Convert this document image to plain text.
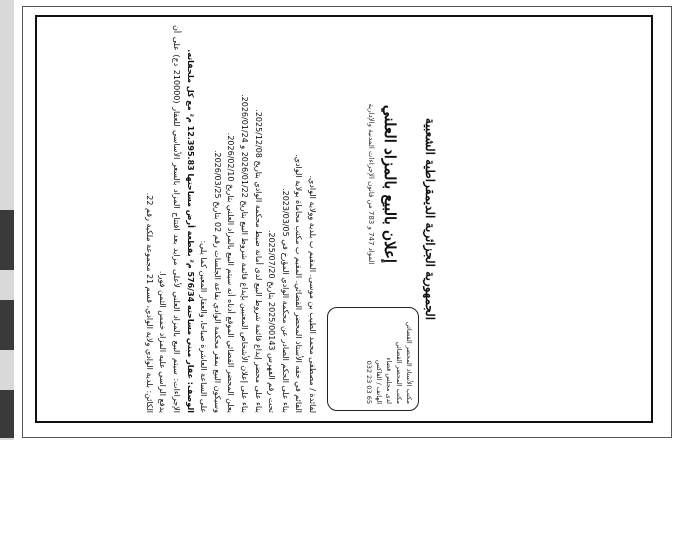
الجمهورية الجزائرية الديمقراطية الشعبية
مكتب الأستاذ المحضر القضائي
مكتب المحضر القضائي
لدى مجلس قضاء
الهاتف / الفاكس
032 23 03 65
إعلان بالبيع بالمزاد العلني
المواد 747 و 783 من قانون الإجراءات المدنية والإدارية

لفائدة / مصطفى محمد الطيب بن موسى. المقيم ب بلدية وولاية الوادي.

القائم في حقه الأستاذ المحضر القضائي. المقيم ب مكتب محاماة بولاية الوادي.

بناء على الحكم الصادر عن محكمة الوادي المؤرخ في 2023/03/05.

تحت رقم الفهرس 2025/00143 بتاريخ 2025/07/20.

بناء على محضر إيداع قائمة شروط البيع لدى أمانة ضبط محكمة الوادي بتاريخ 2025/12/08.

بناء على إعلان الأشخاص المعنيين بإيداع قائمة شروط البيع بتاريخ 2026/01/22 و 2026/01/24.

يعلن المحضر القضائي الموقع أدناه أنه سيتم البيع بالمزاد العلني بتاريخ 2026/02/10.

وسيكون البيع بمقر محكمة الوادي بقاعة الجلسات رقم 02 بتاريخ 2026/03/25.

على الساعة العاشرة صباحا، والعقار المعين كما يلي:

الوصف: عقار مبني مساحته 576/34 م² بقطعة أرض مساحتها 12.395.83 م² مع كل ملحقاته.

الإجراءات: سيتم البيع بالمزاد العلني لأعلى مزايد بعد افتتاح المزاد بالسعر الأساسي للعقار (210000 دج) على أن يدفع الراسي عليه المزاد خمس الثمن فورا.

الكائن: بلدية الوادي ولاية الوادي، قسم 21 مجموعة ملكية رقم 22.
